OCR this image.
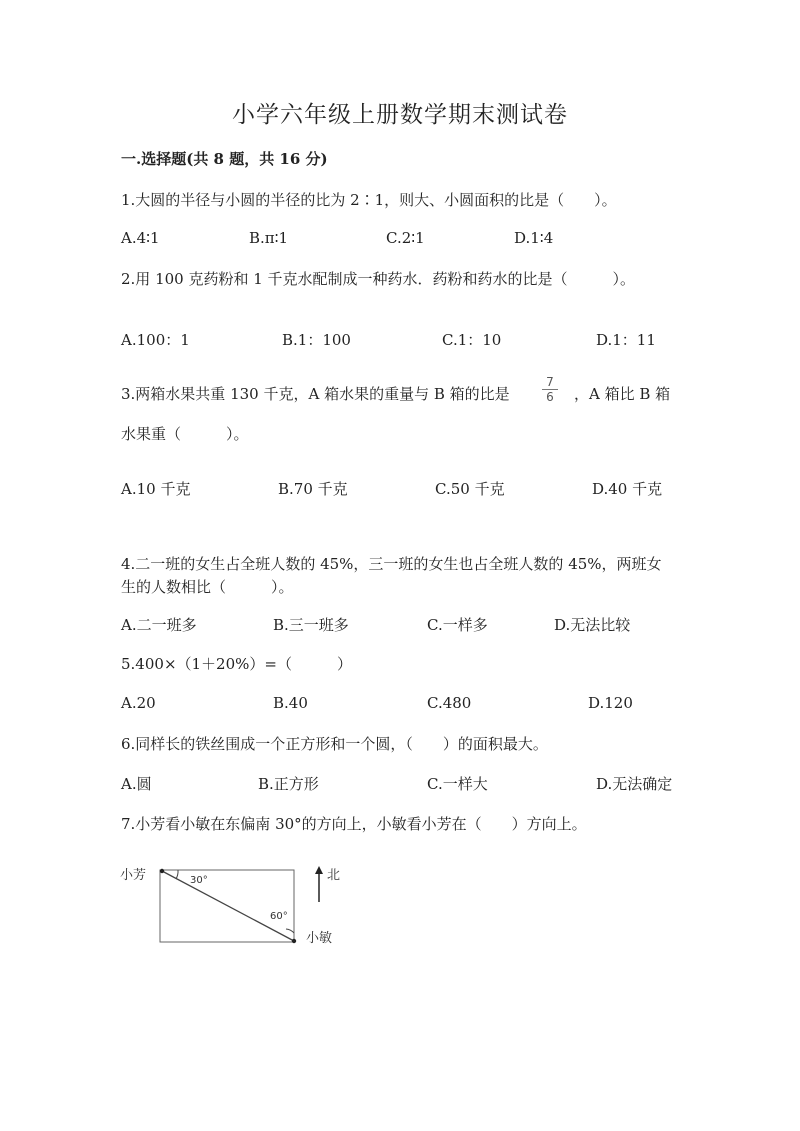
小学六年级上册数学期末测试卷
一.选择题(共 8 题，共 16 分)
1.大圆的半径与小圆的半径的比为 2∶1，则大、小圆面积的比是（　　）。
A.4∶1	B.π∶1	C.2∶1	D.1∶4
2.用 100 克药粉和 1 千克水配制成一种药水．药粉和药水的比是（　　　）。
A.100：1	B.1：100	C.1：10	D.1：11
3.两箱水果共重 130 千克，A 箱水果的重量与 B 箱的比是	$\frac{7}{6}$ ，A 箱比 B 箱
水果重（　　　）。
A.10 千克	B.70 千克	C.50 千克	D.40 千克
4.二一班的女生占全班人数的 45%，三一班的女生也占全班人数的 45%，两班女
生的人数相比（　　　）。
A.二一班多	B.三一班多	C.一样多	D.无法比较
5.400×（1＋20%）=（　　　）
A.20	B.40	C.480	D.120
6.同样长的铁丝围成一个正方形和一个圆，（　　）的面积最大。
A.圆	B.正方形	C.一样大	D.无法确定
7.小芳看小敏在东偏南 30°的方向上，小敏看小芳在（　　）方向上。
小芳	30°
60°
小敏
北
